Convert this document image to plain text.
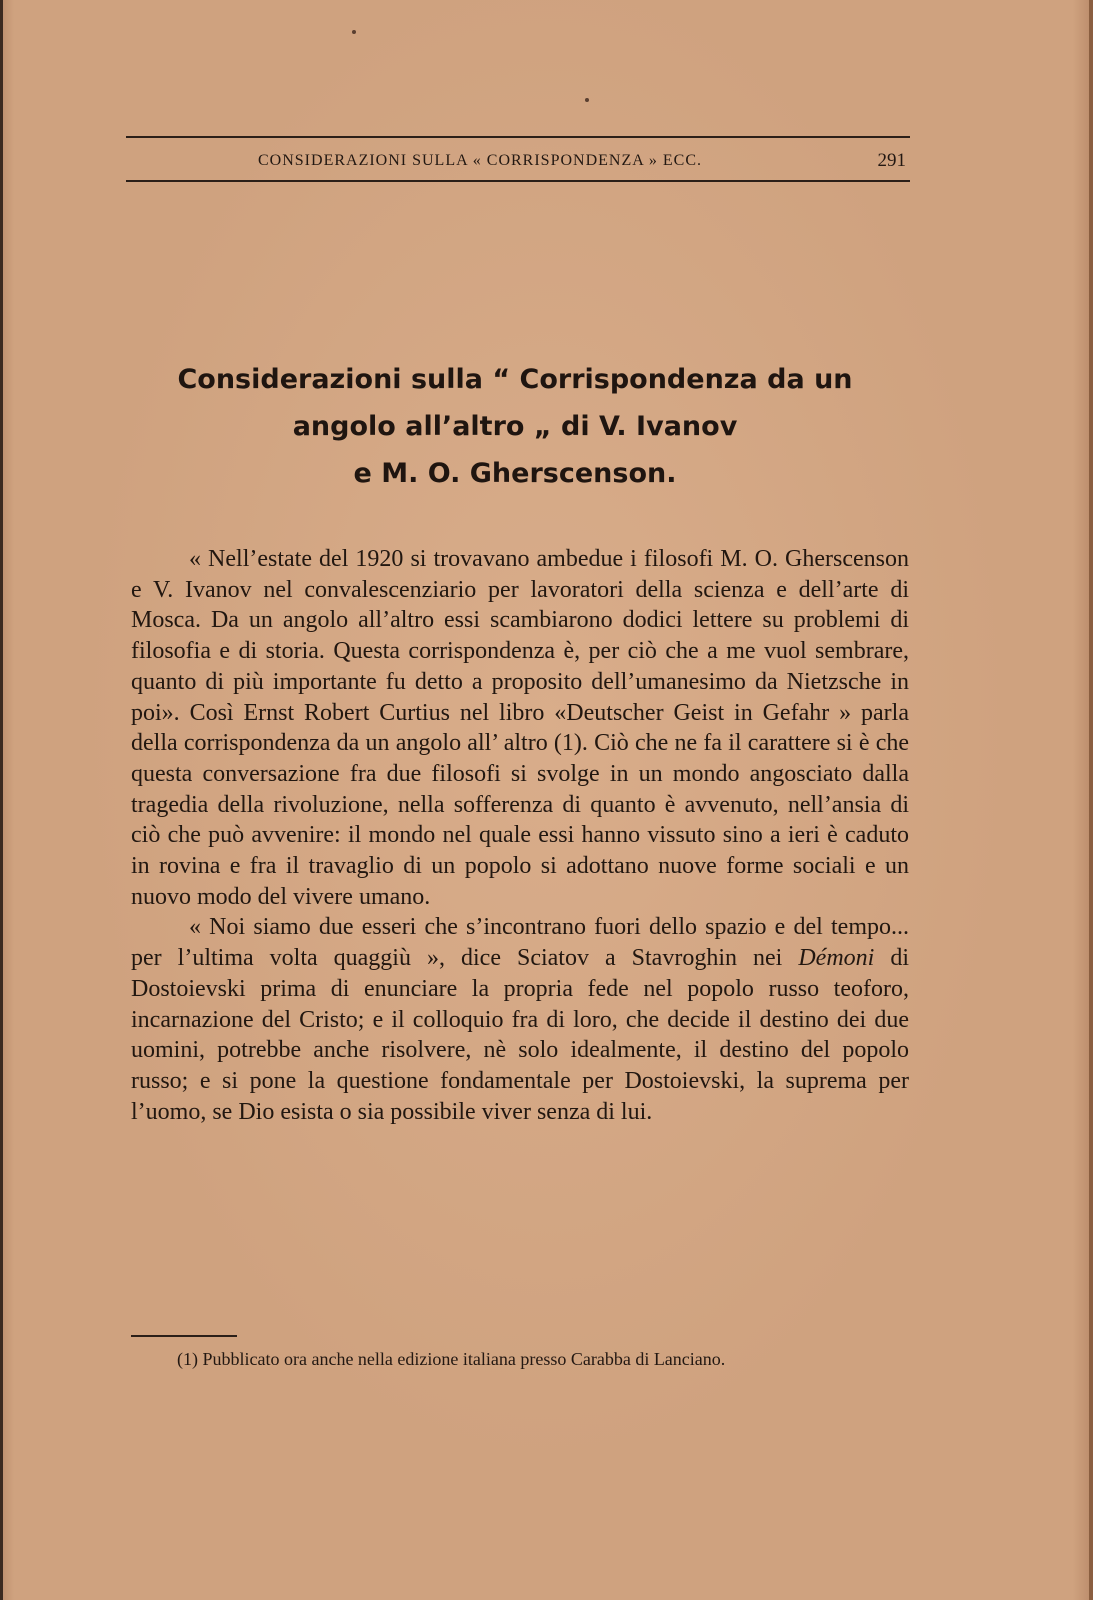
CONSIDERAZIONI SULLA « CORRISPONDENZA » ECC.	291
Considerazioni sulla “ Corrispondenza da un
angolo all’altro „ di V. Ivanov
e M. O. Gherscenson.

« Nell’estate del 1920 si trovavano ambedue i filosofi M. O. Gherscenson e V. Ivanov nel convalescenziario per lavoratori della scienza e dell’arte di Mosca. Da un angolo all’altro essi scambiarono dodici lettere su problemi di filosofia e di storia. Questa corrispondenza è, per ciò che a me vuol sembrare, quanto di più importante fu detto a proposito dell’umanesimo da Nietzsche in poi». Così Ernst Robert Curtius nel libro «Deutscher Geist in Gefahr » parla della corrispondenza da un angolo all’ altro (1). Ciò che ne fa il carattere si è che questa conversazione fra due filosofi si svolge in un mondo angosciato dalla tragedia della rivoluzione, nella sofferenza di quanto è avvenuto, nell’ansia di ciò che può avvenire: il mondo nel quale essi hanno vissuto sino a ieri è caduto in rovina e fra il travaglio di un popolo si adottano nuove forme sociali e un nuovo modo del vivere umano.

« Noi siamo due esseri che s’incontrano fuori dello spazio e del tempo... per l’ultima volta quaggiù », dice Sciatov a Stavroghin nei Démoni di Dostoievski prima di enunciare la propria fede nel popolo russo teoforo, incarnazione del Cristo; e il colloquio fra di loro, che decide il destino dei due uomini, potrebbe anche risolvere, nè solo idealmente, il destino del popolo russo; e si pone la questione fondamentale per Dostoievski, la suprema per l’uomo, se Dio esista o sia possibile viver senza di lui.

(1) Pubblicato ora anche nella edizione italiana presso Carabba di Lanciano.
